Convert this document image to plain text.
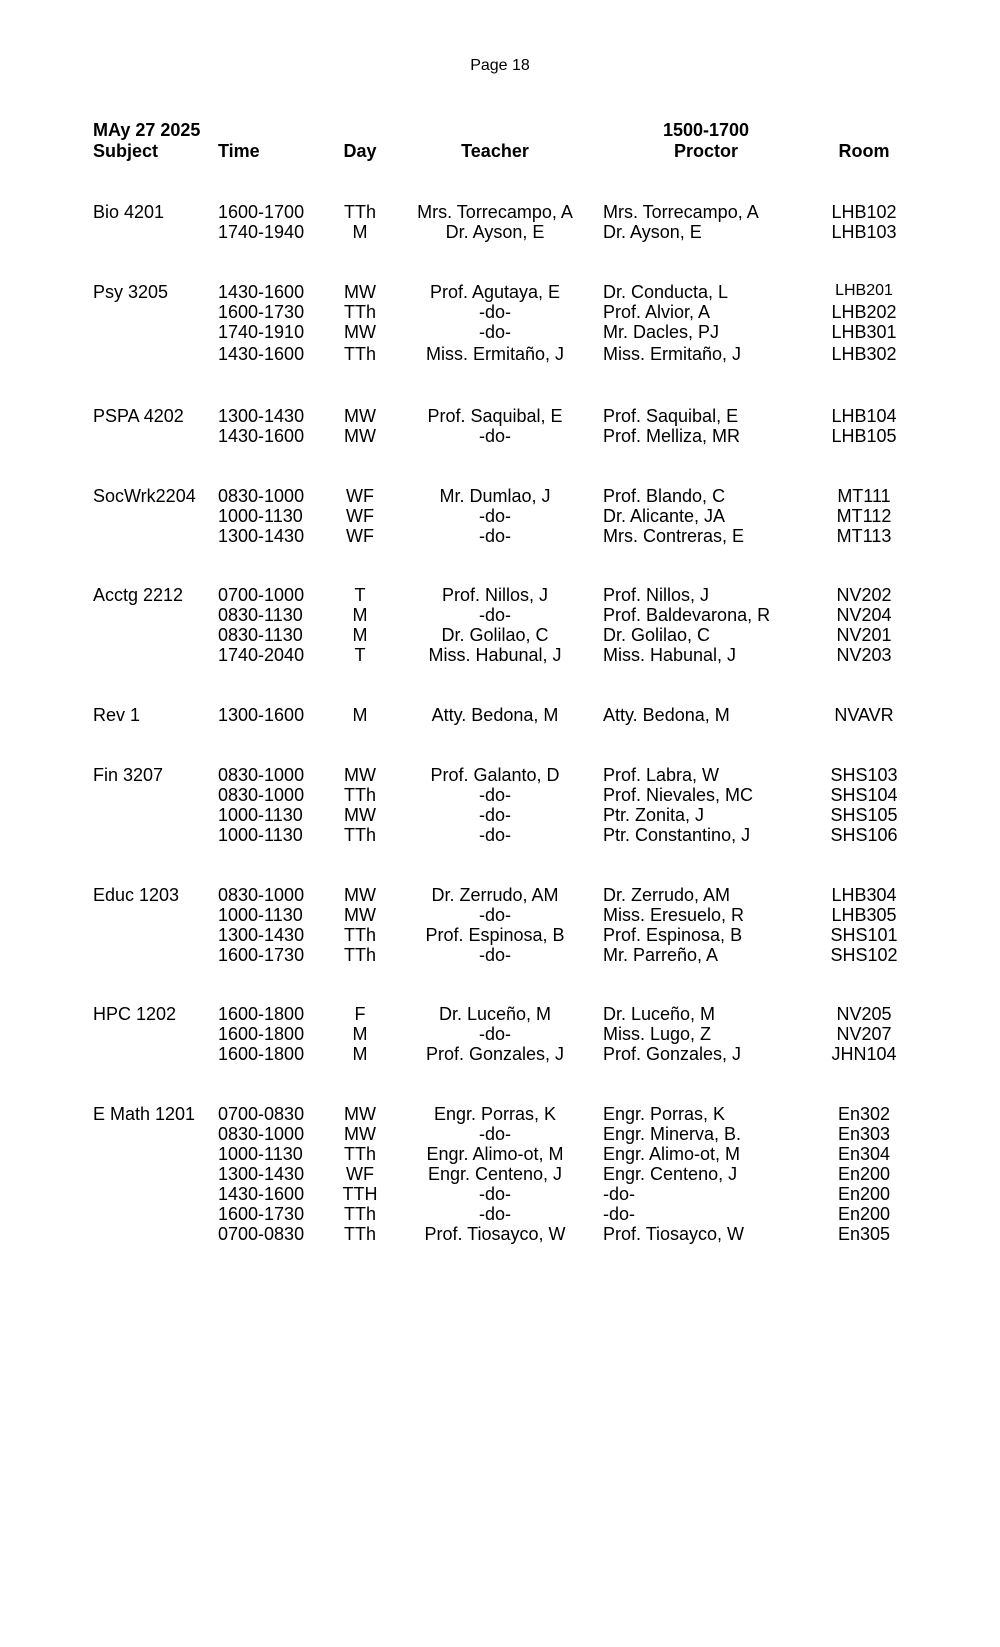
Page 18
MAy 27 2025	1500-1700
Subject	Time	Day	Teacher	Proctor	Room
Bio 4201	1600-1700	TTh	Mrs. Torrecampo, A	Mrs. Torrecampo, A	LHB102
1740-1940	M	Dr. Ayson, E	Dr. Ayson, E	LHB103
Psy 3205	1430-1600	MW	Prof. Agutaya, E	Dr. Conducta, L	LHB201
1600-1730	TTh	-do-	Prof. Alvior, A	LHB202
1740-1910	MW	-do-	Mr. Dacles, PJ	LHB301
1430-1600	TTh	Miss. Ermitaño, J	Miss. Ermitaño, J	LHB302
PSPA 4202 1300-1430	MW	Prof. Saquibal, E	Prof. Saquibal, E	LHB104
1430-1600	MW	-do-	Prof. Melliza, MR	LHB105
SocWrk2204 0830-1000	WF	Mr. Dumlao, J	Prof. Blando, C	MT111
1000-1130	WF	-do-	Dr. Alicante, JA	MT112
1300-1430	WF	-do-	Mrs. Contreras, E	MT113
Acctg 2212 0700-1000	T	Prof. Nillos, J	Prof. Nillos, J	NV202
0830-1130	M	-do-	Prof. Baldevarona, R	NV204
0830-1130	M	Dr. Golilao, C	Dr. Golilao, C	NV201
1740-2040	T	Miss. Habunal, J	Miss. Habunal, J	NV203
Rev 1	1300-1600	M	Atty. Bedona, M	Atty. Bedona, M	NVAVR
Fin 3207	0830-1000	MW	Prof. Galanto, D	Prof. Labra, W	SHS103
0830-1000	TTh	-do-	Prof. Nievales, MC	SHS104
1000-1130	MW	-do-	Ptr. Zonita, J	SHS105
1000-1130	TTh	-do-	Ptr. Constantino, J	SHS106
Educ 1203 0830-1000	MW	Dr. Zerrudo, AM	Dr. Zerrudo, AM	LHB304
1000-1130	MW	-do-	Miss. Eresuelo, R	LHB305
1300-1430	TTh	Prof. Espinosa, B	Prof. Espinosa, B	SHS101
1600-1730	TTh	-do-	Mr. Parreño, A	SHS102
HPC 1202 1600-1800	F	Dr. Luceño, M	Dr. Luceño, M	NV205
1600-1800	M	-do-	Miss. Lugo, Z	NV207
1600-1800	M	Prof. Gonzales, J	Prof. Gonzales, J	JHN104
E Math 1201 0700-0830	MW	Engr. Porras, K	Engr. Porras, K	En302
0830-1000	MW	-do-	Engr. Minerva, B.	En303
1000-1130	TTh	Engr. Alimo-ot, M	Engr. Alimo-ot, M	En304
1300-1430	WF	Engr. Centeno, J	Engr. Centeno, J	En200
1430-1600 TTH	-do-	-do-	En200
1600-1730	TTh	-do-	-do-	En200
0700-0830	TTh	Prof. Tiosayco, W	Prof. Tiosayco, W	En305
